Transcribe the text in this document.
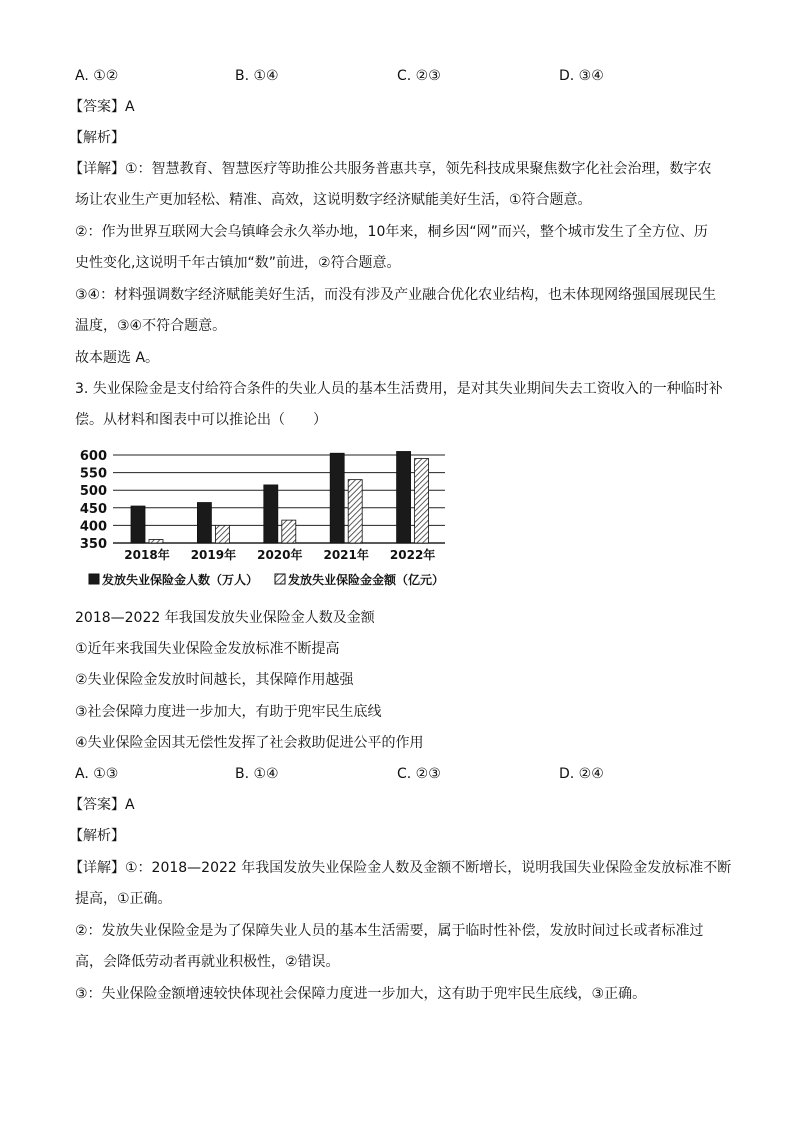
A. ①②	B. ①④	C. ②③	D. ③④
【答案】A
【解析】
【详解】①：智慧教育、智慧医疗等助推公共服务普惠共享，领先科技成果聚焦数字化社会治理，数字农
场让农业生产更加轻松、精准、高效，这说明数字经济赋能美好生活，①符合题意。
②：作为世界互联网大会乌镇峰会永久举办地，10年来，桐乡因“网”而兴，整个城市发生了全方位、历
史性变化,这说明千年古镇加“数”前进，②符合题意。
③④：材料强调数字经济赋能美好生活，而没有涉及产业融合优化农业结构，也未体现网络强国展现民生
温度，③④不符合题意。
故本题选 A。
3. 失业保险金是支付给符合条件的失业人员的基本生活费用，是对其失业期间失去工资收入的一种临时补
偿。从材料和图表中可以推论出（　　）
350
400
450
500
550
600
2018年 2019年 2020年 2021年 2022年
发放失业保险金人数（万人） 发放失业保险金金额（亿元）
2018—2022 年我国发放失业保险金人数及金额
①近年来我国失业保险金发放标准不断提高
②失业保险金发放时间越长，其保障作用越强
③社会保障力度进一步加大，有助于兜牢民生底线
④失业保险金因其无偿性发挥了社会救助促进公平的作用
A. ①③	B. ①④	C. ②③	D. ②④
【答案】A
【解析】
【详解】①：2018—2022 年我国发放失业保险金人数及金额不断增长，说明我国失业保险金发放标准不断
提高，①正确。
②：发放失业保险金是为了保障失业人员的基本生活需要，属于临时性补偿，发放时间过长或者标准过
高，会降低劳动者再就业积极性，②错误。
③：失业保险金额增速较快体现社会保障力度进一步加大，这有助于兜牢民生底线，③正确。
